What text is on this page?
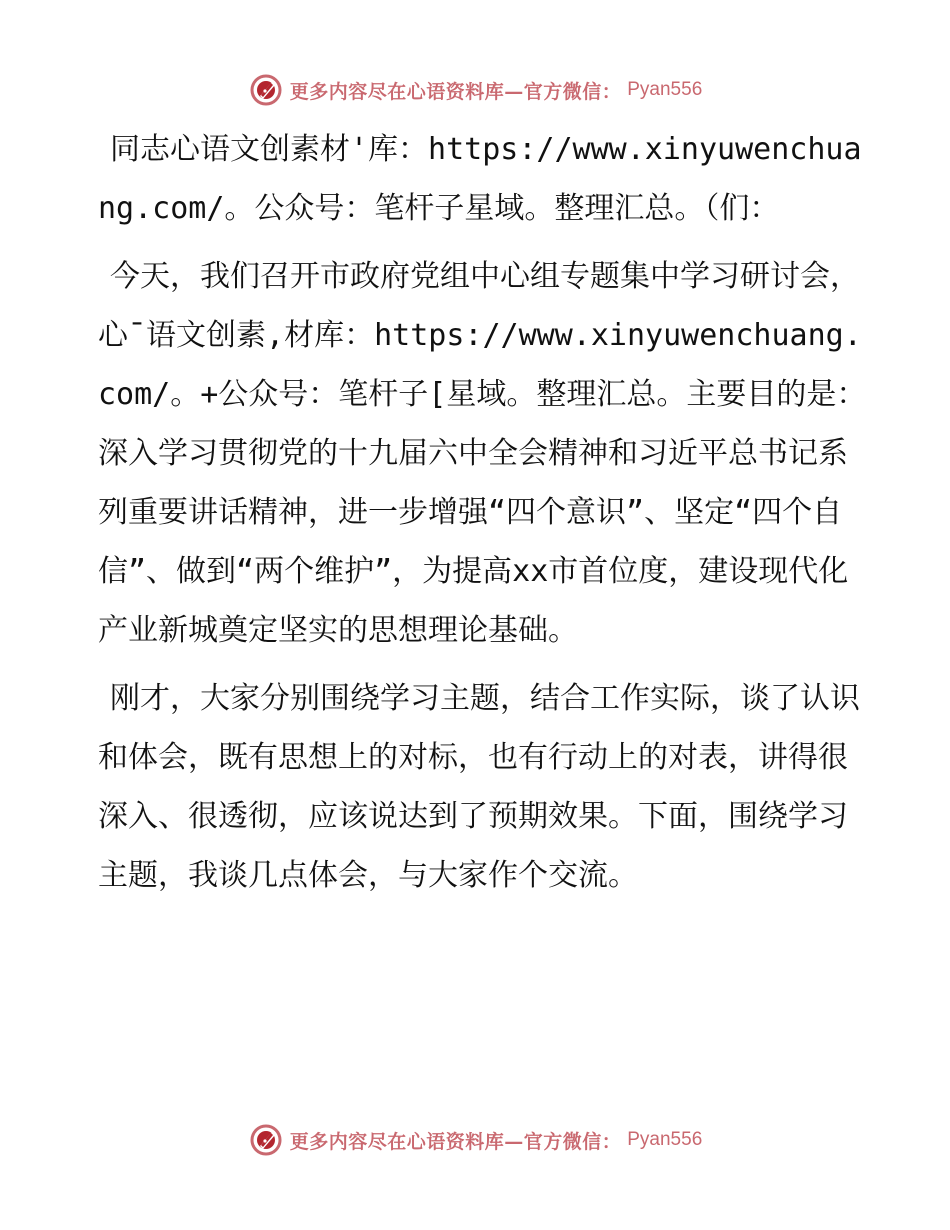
更多内容尽在心语资料库—官方微信： Pyan556

同志心语文创素材'库：https://www.xinyuwenchuang.com/。公众号：笔杆子星域。整理汇总。（们：

今天，我们召开市政府党组中心组专题集中学习研讨会，心¯语文创素,材库：https://www.xinyuwenchuang.com/。+公众号：笔杆子[星域。整理汇总。主要目的是：深入学习贯彻党的十九届六中全会精神和习近平总书记系列重要讲话精神，进一步增强“四个意识”、坚定“四个自信”、做到“两个维护”，为提高xx市首位度，建设现代化产业新城奠定坚实的思想理论基础。

刚才，大家分别围绕学习主题，结合工作实际，谈了认识和体会，既有思想上的对标，也有行动上的对表，讲得很深入、很透彻，应该说达到了预期效果。下面，围绕学习主题，我谈几点体会，与大家作个交流。

更多内容尽在心语资料库—官方微信： Pyan556
